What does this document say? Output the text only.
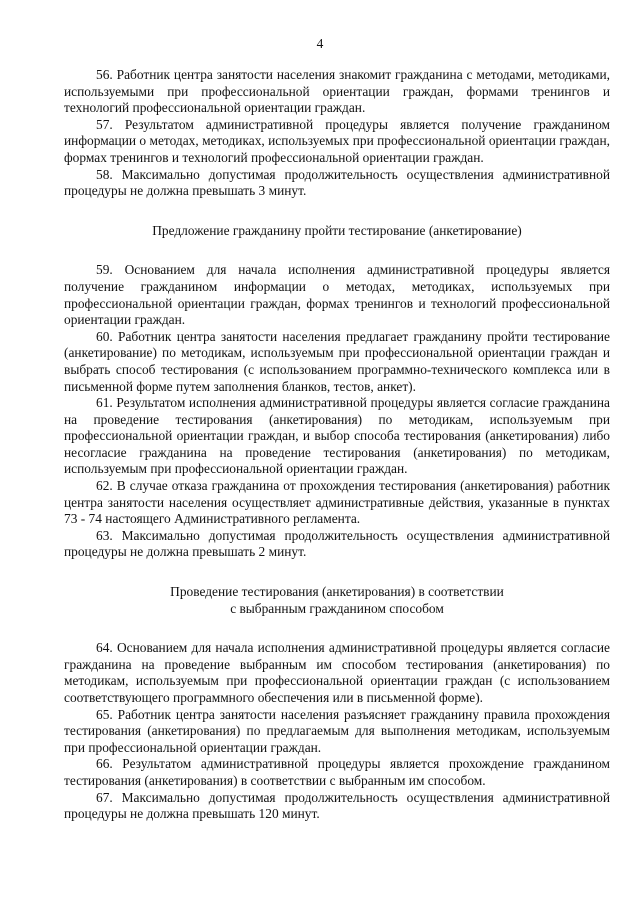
4

56. Работник центра занятости населения знакомит гражданина с методами, методиками, используемыми при профессиональной ориентации граждан, формами тренингов и технологий профессиональной ориентации граждан.

57. Результатом административной процедуры является получение гражданином информации о методах, методиках, используемых при профессиональной ориентации граждан, формах тренингов и технологий профессиональной ориентации граждан.

58. Максимально допустимая продолжительность осуществления административной процедуры не должна превышать 3 минут.

Предложение гражданину пройти тестирование (анкетирование)

59. Основанием для начала исполнения административной процедуры является получение гражданином информации о методах, методиках, используемых при профессиональной ориентации граждан, формах тренингов и технологий профессиональной ориентации граждан.

60. Работник центра занятости населения предлагает гражданину пройти тестирование (анкетирование) по методикам, используемым при профессиональной ориентации граждан и выбрать способ тестирования (с использованием программно-технического комплекса или в письменной форме путем заполнения бланков, тестов, анкет).

61. Результатом исполнения административной процедуры является согласие гражданина на проведение тестирования (анкетирования) по методикам, используемым при профессиональной ориентации граждан, и выбор способа тестирования (анкетирования) либо несогласие гражданина на проведение тестирования (анкетирования) по методикам, используемым при профессиональной ориентации граждан.

62. В случае отказа гражданина от прохождения тестирования (анкетирования) работник центра занятости населения осуществляет административные действия, указанные в пунктах 73 - 74 настоящего Административного регламента.

63. Максимально допустимая продолжительность осуществления административной процедуры не должна превышать 2 минут.

Проведение тестирования (анкетирования) в соответствии
с выбранным гражданином способом

64. Основанием для начала исполнения административной процедуры является согласие гражданина на проведение выбранным им способом тестирования (анкетирования) по методикам, используемым при профессиональной ориентации граждан (с использованием соответствующего программного обеспечения или в письменной форме).

65. Работник центра занятости населения разъясняет гражданину правила прохождения тестирования (анкетирования) по предлагаемым для выполнения методикам, используемым при профессиональной ориентации граждан.

66. Результатом административной процедуры является прохождение гражданином тестирования (анкетирования) в соответствии с выбранным им способом.

67. Максимально допустимая продолжительность осуществления административной процедуры не должна превышать 120 минут.
